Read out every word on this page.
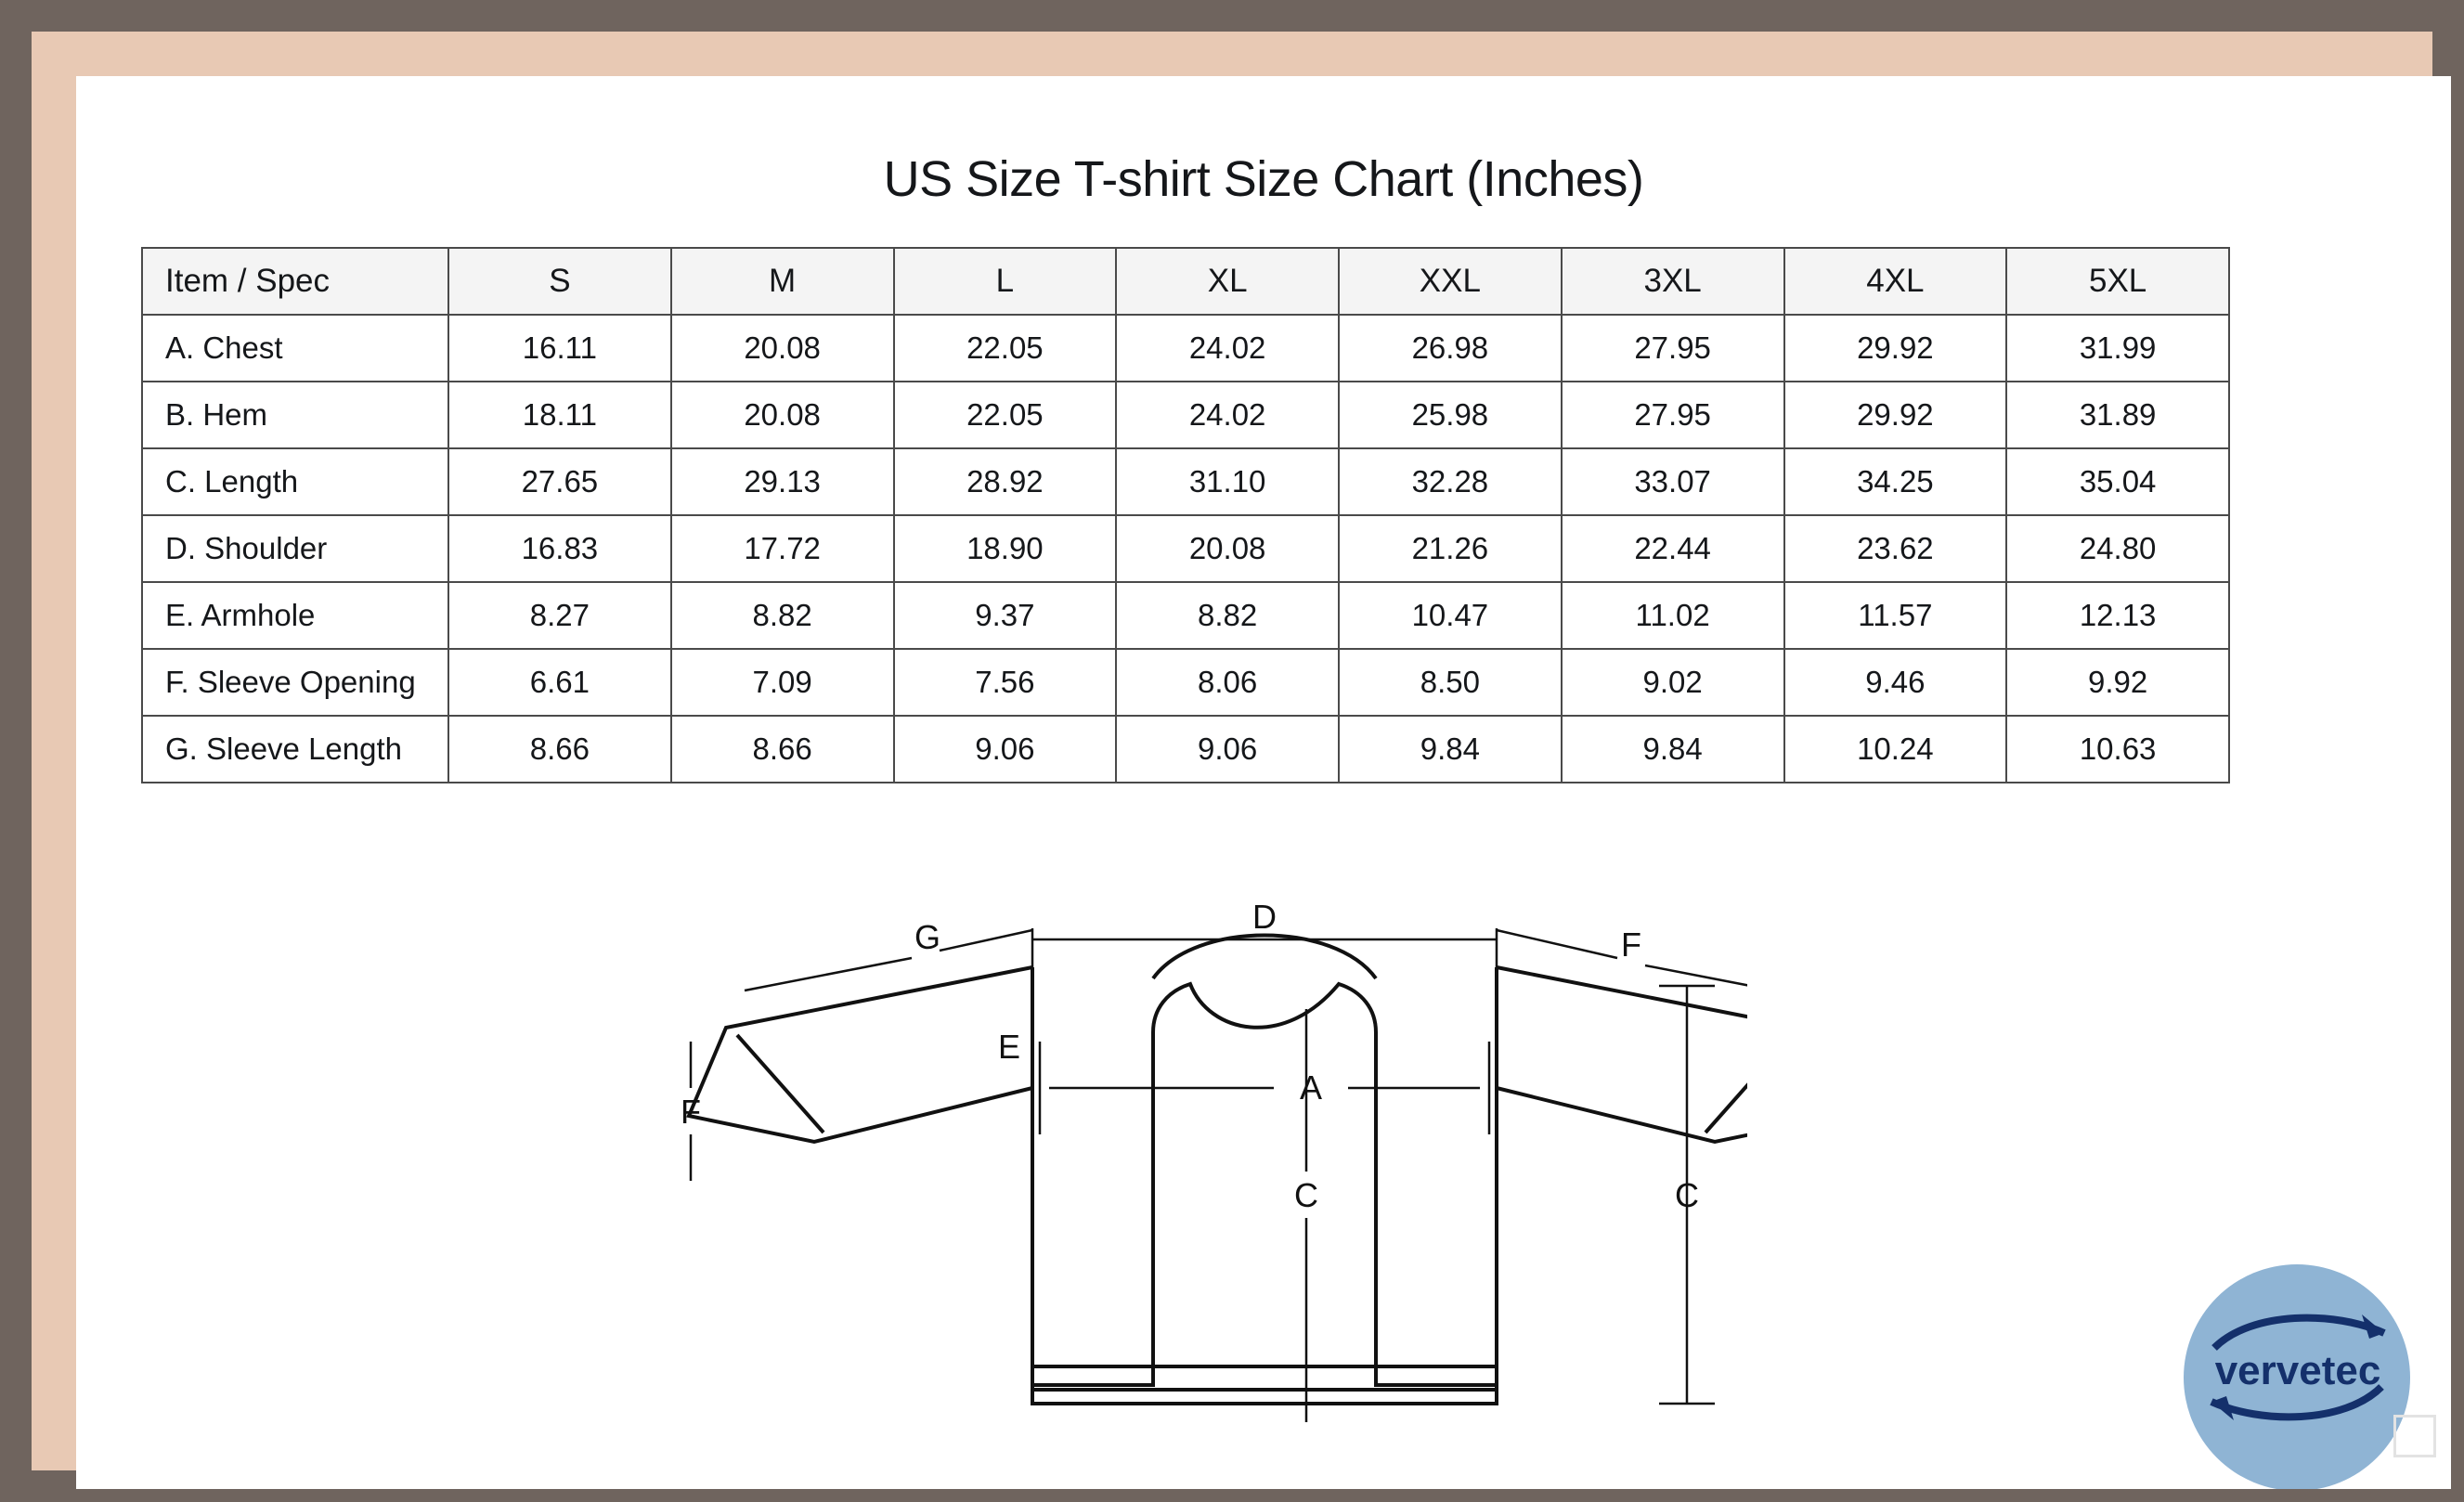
US Size T-shirt Size Chart (Inches)
Item / Spec	S	M	L	XL	XXL	3XL	4XL	5XL
A. Chest	16.11	20.08	22.05	24.02	26.98	27.95	29.92	31.99
B. Hem	18.11	20.08	22.05	24.02	25.98	27.95	29.92	31.89
C. Length	27.65	29.13	28.92	31.10	32.28	33.07	34.25	35.04
D. Shoulder	16.83	17.72	18.90	20.08	21.26	22.44	23.62	24.80
E. Armhole	8.27	8.82	9.37	8.82	10.47	11.02	11.57	12.13
F. Sleeve Opening	6.61	7.09	7.56	8.06	8.50	9.02	9.46	9.92
G. Sleeve Length	8.66	8.66	9.06	9.06	9.84	9.84	10.24	10.63
D
G	F
F
E
A
C	C
vervetec
